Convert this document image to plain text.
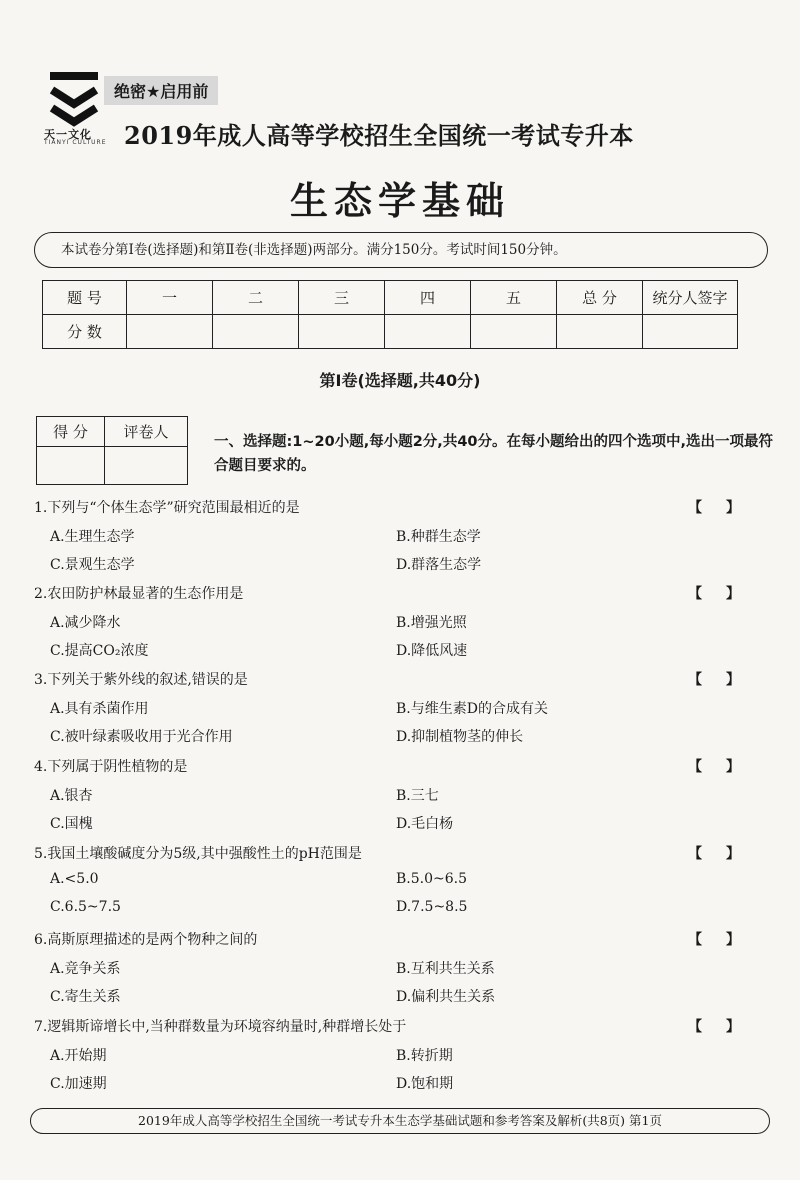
天一文化
TIANYI CULTURE
绝密★启用前
2019年成人高等学校招生全国统一考试专升本
生态学基础
本试卷分第Ⅰ卷(选择题)和第Ⅱ卷(非选择题)两部分。满分150分。考试时间150分钟。
题 号	一	二	三	四	五	总 分	统分人签字
分 数							
第Ⅰ卷(选择题,共40分)
得 分	评卷人

一、选择题:1~20小题,每小题2分,共40分。在每小题给出的四个选项中,选出一项最符合题目要求的。
1.下列与“个体生态学”研究范围最相近的是	【】
A.生理生态学	B.种群生态学
C.景观生态学	D.群落生态学
2.农田防护林最显著的生态作用是	【】
A.减少降水	B.增强光照
C.提高CO₂浓度	D.降低风速
3.下列关于紫外线的叙述,错误的是	【】
A.具有杀菌作用	B.与维生素D的合成有关
C.被叶绿素吸收用于光合作用	D.抑制植物茎的伸长
4.下列属于阴性植物的是	【】
A.银杏	B.三七
C.国槐	D.毛白杨
5.我国土壤酸碱度分为5级,其中强酸性土的pH范围是	【】
A.<5.0	B.5.0~6.5
C.6.5~7.5	D.7.5~8.5
6.高斯原理描述的是两个物种之间的	【】
A.竞争关系	B.互利共生关系
C.寄生关系	D.偏利共生关系
7.逻辑斯谛增长中,当种群数量为环境容纳量时,种群增长处于	【】
A.开始期	B.转折期
C.加速期	D.饱和期
2019年成人高等学校招生全国统一考试专升本生态学基础试题和参考答案及解析(共8页) 第1页
